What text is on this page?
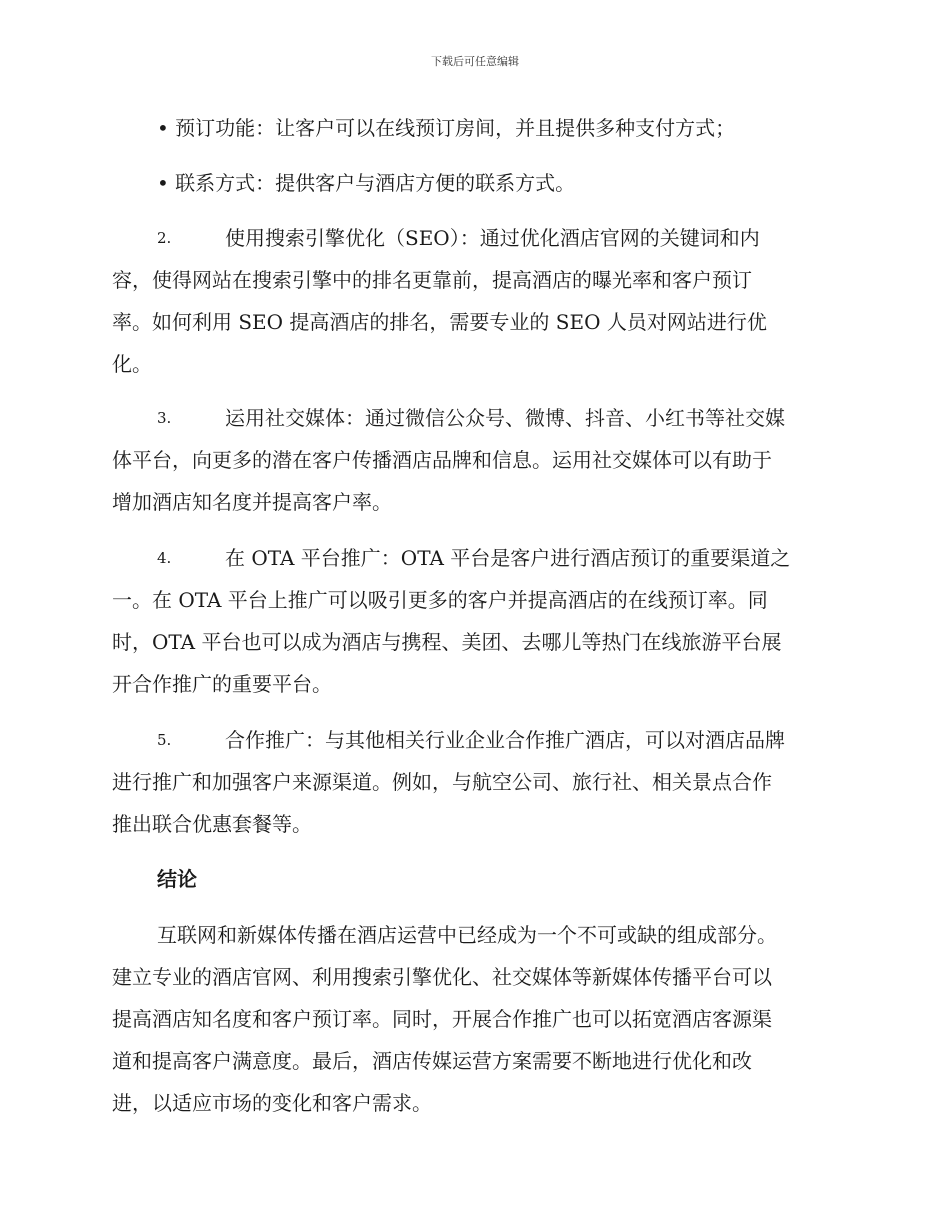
下载后可任意编辑
• 预订功能：让客户可以在线预订房间，并且提供多种支付方式；
• 联系方式：提供客户与酒店方便的联系方式。
2.	使用搜索引擎优化（SEO）：通过优化酒店官网的关键词和内
容，使得网站在搜索引擎中的排名更靠前，提高酒店的曝光率和客户预订
率。如何利用 SEO 提高酒店的排名，需要专业的 SEO 人员对网站进行优
化。
3.	运用社交媒体：通过微信公众号、微博、抖音、小红书等社交媒
体平台，向更多的潜在客户传播酒店品牌和信息。运用社交媒体可以有助于
增加酒店知名度并提高客户率。
4.	在 OTA 平台推广：OTA 平台是客户进行酒店预订的重要渠道之
一。在 OTA 平台上推广可以吸引更多的客户并提高酒店的在线预订率。同
时，OTA 平台也可以成为酒店与携程、美团、去哪儿等热门在线旅游平台展
开合作推广的重要平台。
5.	合作推广：与其他相关行业企业合作推广酒店，可以对酒店品牌
进行推广和加强客户来源渠道。例如，与航空公司、旅行社、相关景点合作
推出联合优惠套餐等。
结论
互联网和新媒体传播在酒店运营中已经成为一个不可或缺的组成部分。
建立专业的酒店官网、利用搜索引擎优化、社交媒体等新媒体传播平台可以
提高酒店知名度和客户预订率。同时，开展合作推广也可以拓宽酒店客源渠
道和提高客户满意度。最后，酒店传媒运营方案需要不断地进行优化和改
进，以适应市场的变化和客户需求。
